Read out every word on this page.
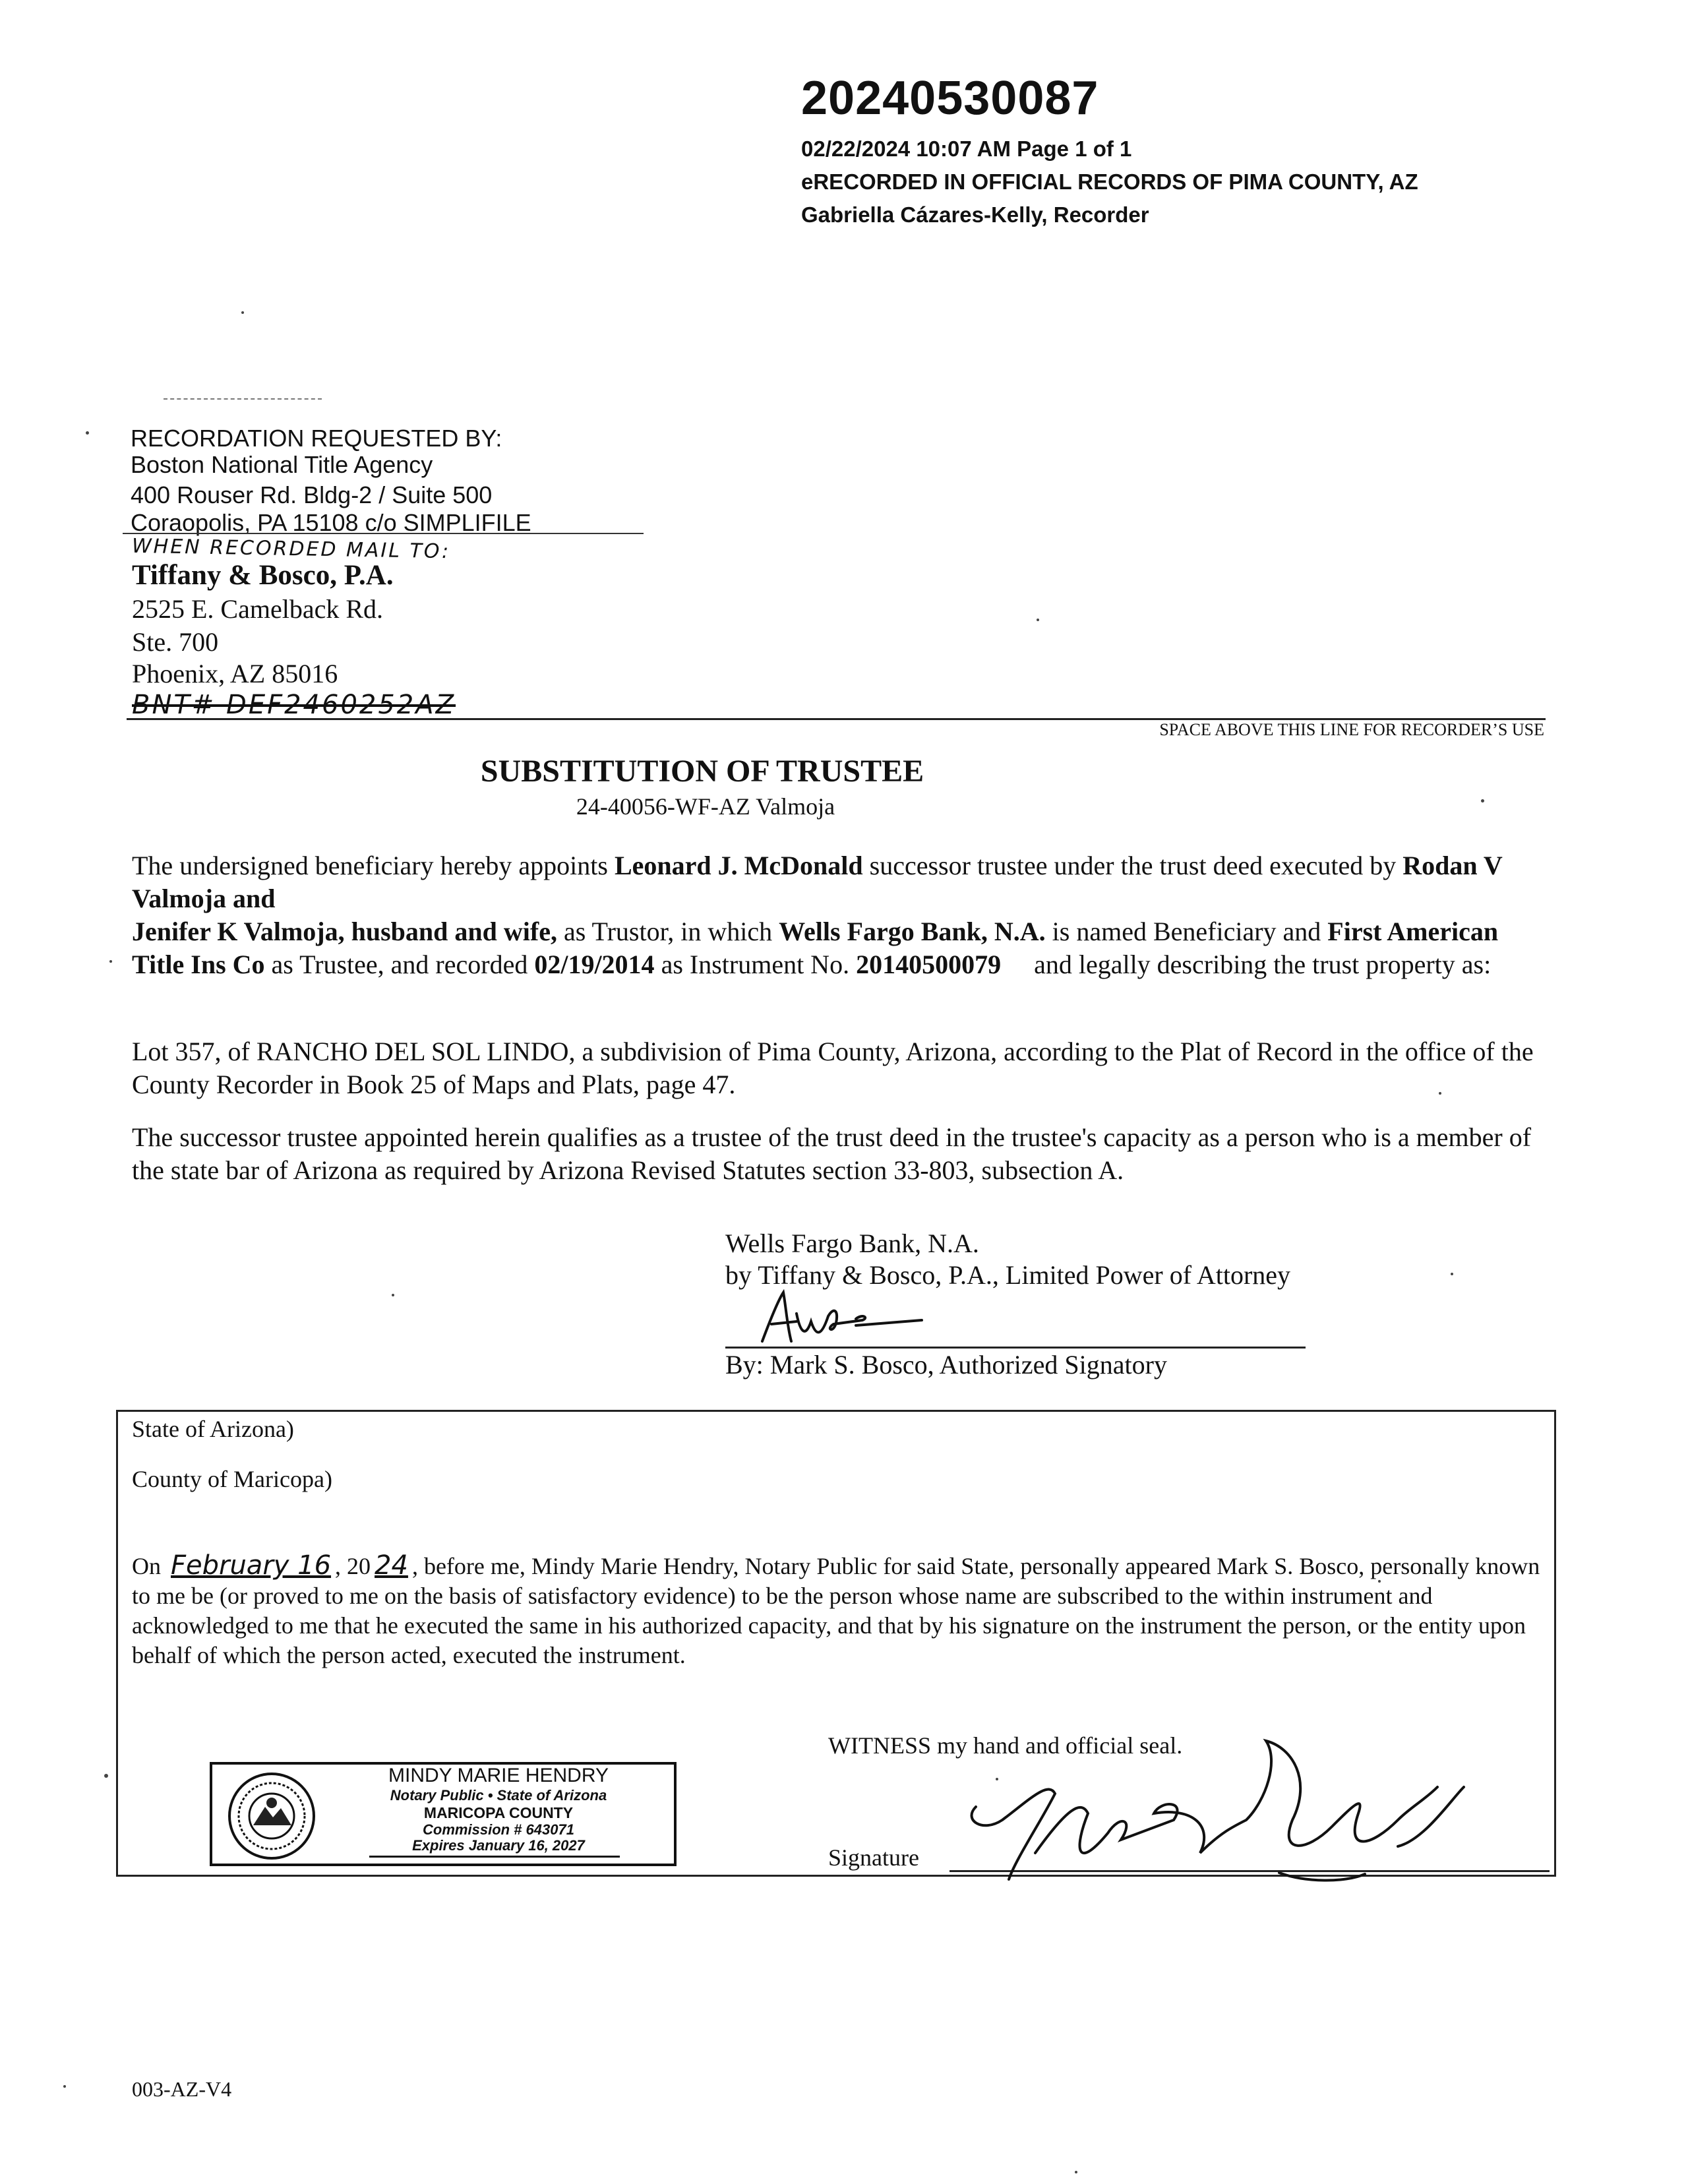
20240530087
02/22/2024 10:07 AM Page 1 of 1
eRECORDED IN OFFICIAL RECORDS OF PIMA COUNTY, AZ
Gabriella Cázares-Kelly, Recorder
RECORDATION REQUESTED BY:
Boston National Title Agency
400 Rouser Rd. Bldg-2 / Suite 500
Coraopolis, PA 15108 c/o SIMPLIFILE
WHEN RECORDED MAIL TO:
Tiffany & Bosco, P.A.
2525 E. Camelback Rd.
Ste. 700
Phoenix, AZ 85016
BNT# DEF2460252AZ
SPACE ABOVE THIS LINE FOR RECORDER’S USE
SUBSTITUTION OF TRUSTEE
24-40056-WF-AZ Valmoja
The undersigned beneficiary hereby appoints Leonard J. McDonald successor trustee under the trust deed executed by Rodan V Valmoja and
Jenifer K Valmoja, husband and wife, as Trustor, in which Wells Fargo Bank, N.A. is named Beneficiary and First American Title Ins Co as Trustee, and recorded 02/19/2014 as Instrument No. 20140500079     and legally describing the trust property as:
Lot 357, of RANCHO DEL SOL LINDO, a subdivision of Pima County, Arizona, according to the Plat of Record in the office of the County Recorder in Book 25 of Maps and Plats, page 47.
The successor trustee appointed herein qualifies as a trustee of the trust deed in the trustee's capacity as a person who is a member of the state bar of Arizona as required by Arizona Revised Statutes section 33-803, subsection A.
Wells Fargo Bank, N.A.
by Tiffany & Bosco, P.A., Limited Power of Attorney
By: Mark S. Bosco, Authorized Signatory
State of Arizona)
County of Maricopa)
On February 16 , 20 24 , before me, Mindy Marie Hendry, Notary Public for said State, personally appeared Mark S. Bosco, personally known to me be (or proved to me on the basis of satisfactory evidence) to be the person whose name are subscribed to the within instrument and acknowledged to me that he executed the same in his authorized capacity, and that by his signature on the instrument the person, or the entity upon behalf of which the person acted, executed the instrument.
WITNESS my hand and official seal.
Signature
MINDY MARIE HENDRY
Notary Public • State of Arizona
MARICOPA COUNTY
Commission # 643071
Expires January 16, 2027
003-AZ-V4
